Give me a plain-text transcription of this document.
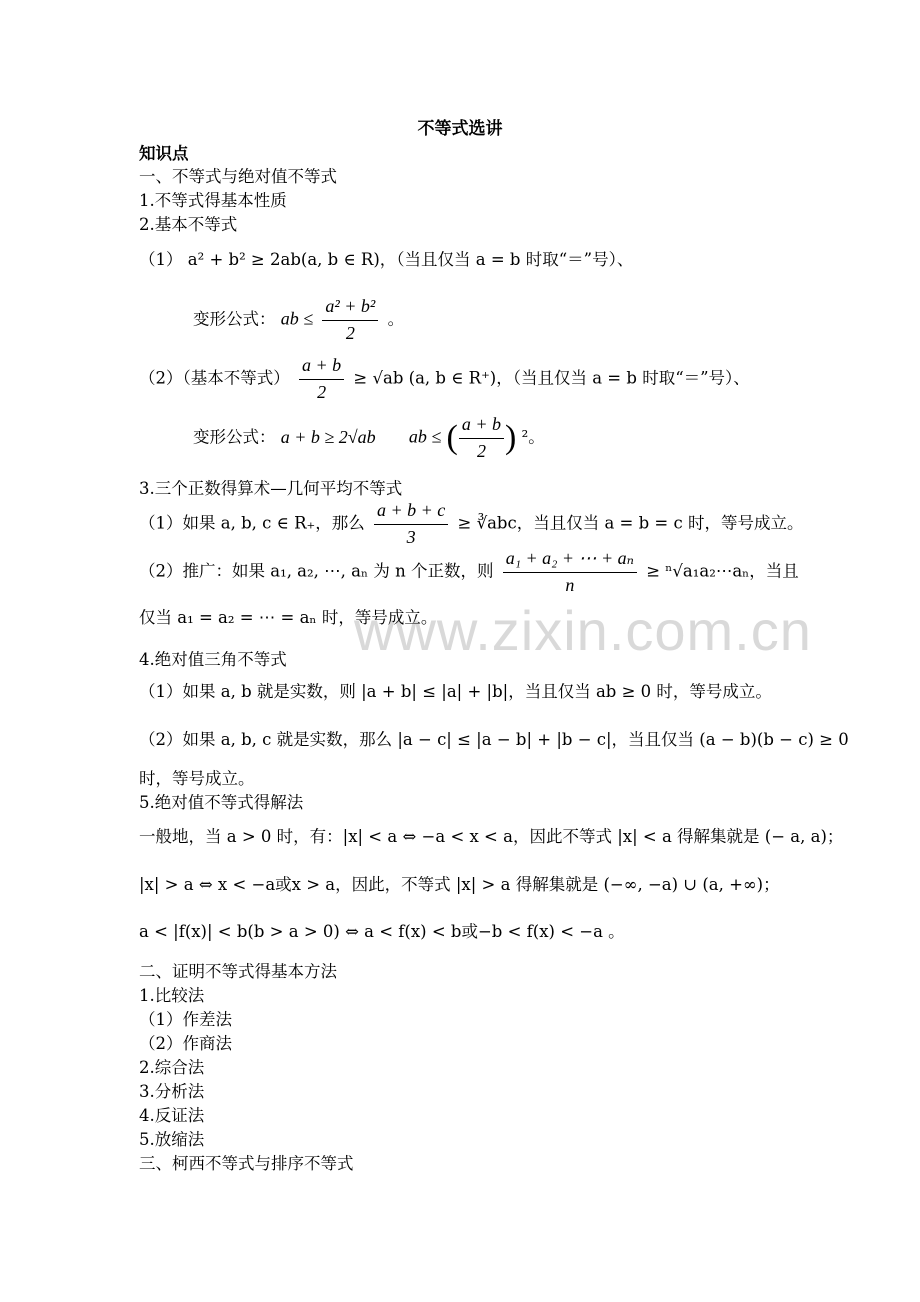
www.zixin.com.cn
不等式选讲
知识点
一、不等式与绝对值不等式
1.不等式得基本性质
2.基本不等式
（1） a² + b² ≥ 2ab(a, b ∈ R)，（当且仅当 a = b 时取“＝”号）、
变形公式： ab ≤ $\frac{\text{a² + b²}}{2}$ 。
（2）（基本不等式） $\frac{a + b}{2} \ge √ab$ (a, b ∈ R⁺)，（当且仅当 a = b 时取“＝”号）、
变形公式： a + b ≥ 2√ab ab ≤ ( $\frac{a + b}{2}$ ) ²。
3.三个正数得算术—几何平均不等式
（1）如果 a, b, c ∈ R₊，那么 $\frac{a + b + c}{3}$ ≥ ∛abc，当且仅当 a = b = c 时，等号成立。
（2）推广：如果 a₁, a₂, ⋯, aₙ 为 n 个正数，则 $\frac{\text{a₁ + a₂ + ⋯ + aₙ}}{n}$ ≥ ⁿ√a₁a₂⋯aₙ，当且
仅当 a₁ = a₂ = ⋯ = aₙ 时，等号成立。
4.绝对值三角不等式
（1）如果 a, b 就是实数，则 |a + b| ≤ |a| + |b|，当且仅当 ab ≥ 0 时，等号成立。
（2）如果 a, b, c 就是实数，那么 |a − c| ≤ |a − b| + |b − c|，当且仅当 (a − b)(b − c) ≥ 0
时，等号成立。
5.绝对值不等式得解法
一般地，当 a > 0 时，有：|x| < a ⇔ −a < x < a，因此不等式 |x| < a 得解集就是 (− a, a)；
|x| > a ⇔ x < −a或x > a，因此，不等式 |x| > a 得解集就是 (−∞, −a) ∪ (a, +∞)；
a < |f(x)| < b(b > a > 0) ⇔ a < f(x) < b或−b < f(x) < −a 。
二、证明不等式得基本方法
1.比较法
（1）作差法
（2）作商法
2.综合法
3.分析法
4.反证法
5.放缩法
三、柯西不等式与排序不等式
